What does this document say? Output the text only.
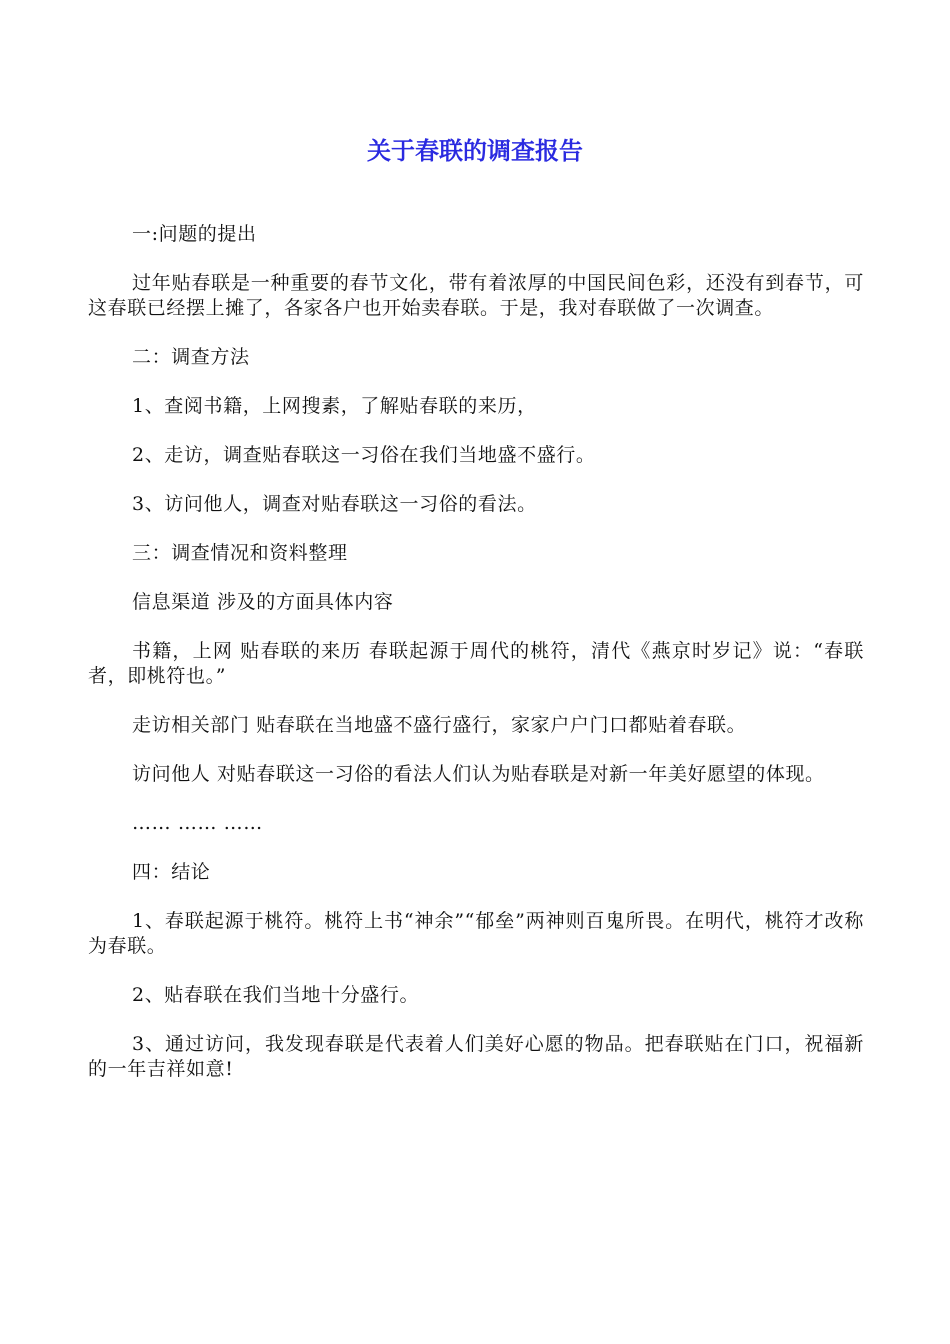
关于春联的调查报告

一:问题的提出

过年贴春联是一种重要的春节文化，带有着浓厚的中国民间色彩，还没有到春节，可这春联已经摆上摊了，各家各户也开始卖春联。于是，我对春联做了一次调查。

二：调查方法

1、查阅书籍，上网搜素，了解贴春联的来历，

2、走访，调查贴春联这一习俗在我们当地盛不盛行。

3、访问他人，调查对贴春联这一习俗的看法。

三：调查情况和资料整理

信息渠道 涉及的方面具体内容

书籍，上网 贴春联的来历 春联起源于周代的桃符，清代《燕京时岁记》说：“春联者，即桃符也。”

走访相关部门 贴春联在当地盛不盛行盛行，家家户户门口都贴着春联。

访问他人 对贴春联这一习俗的看法人们认为贴春联是对新一年美好愿望的体现。

…… …… ……

四：结论

1、春联起源于桃符。桃符上书“神余”“郁垒”两神则百鬼所畏。在明代，桃符才改称为春联。

2、贴春联在我们当地十分盛行。

3、通过访问，我发现春联是代表着人们美好心愿的物品。把春联贴在门口，祝福新的一年吉祥如意!
